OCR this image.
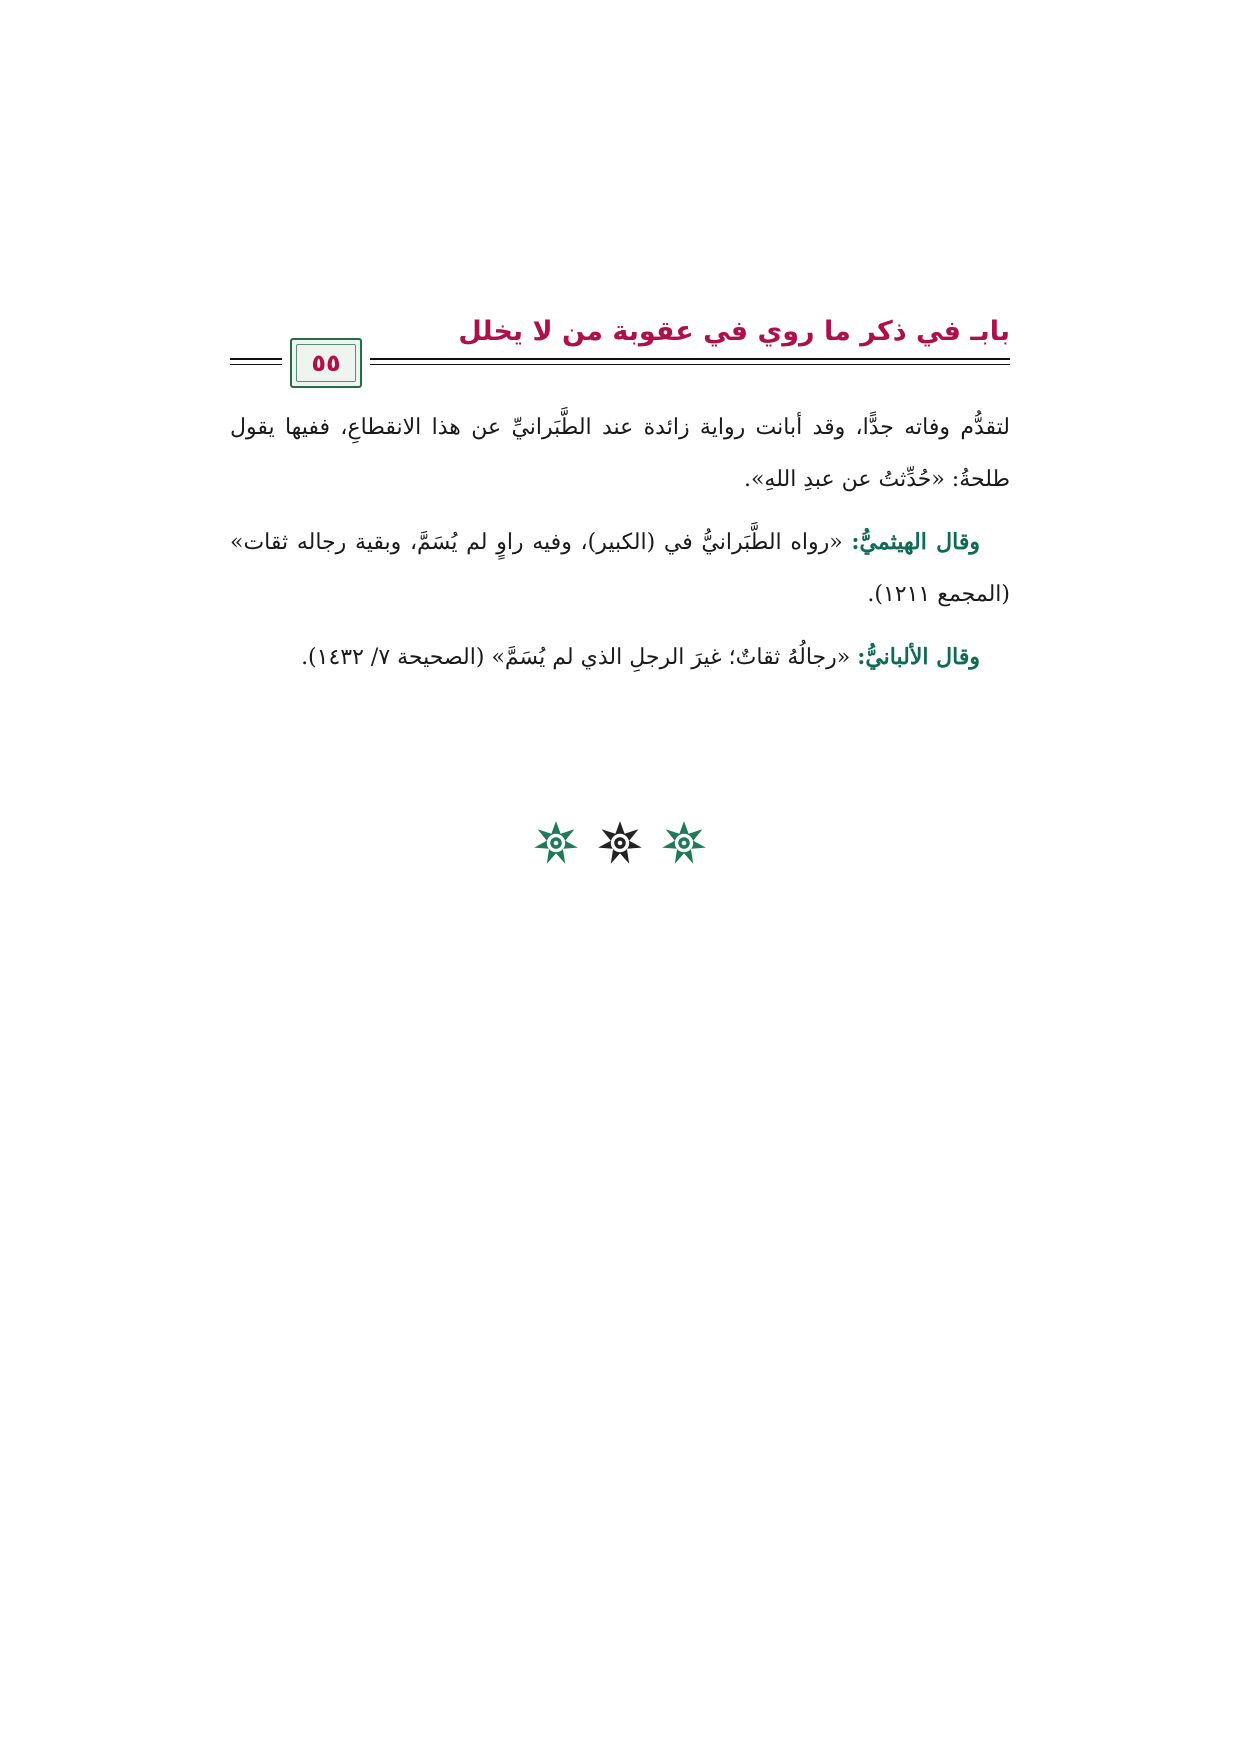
بابـ في ذكر ما روي في عقوبة من لا يخلل
٥٥

لتقدُّم وفاته جدًّا، وقد أبانت رواية زائدة عند الطَّبَرانيِّ عن هذا الانقطاعِ، ففيها يقول طلحةُ: «حُدِّثتُ عن عبدِ اللهِ».

وقال الهيثميُّ: «رواه الطَّبَرانيُّ في (الكبير)، وفيه راوٍ لم يُسَمَّ، وبقية رجاله ثقات» (المجمع ١٢١١).

وقال الألبانيُّ: «رجالُهُ ثقاتٌ؛ غيرَ الرجلِ الذي لم يُسَمَّ» (الصحيحة ٧/ ١٤٣٢).
